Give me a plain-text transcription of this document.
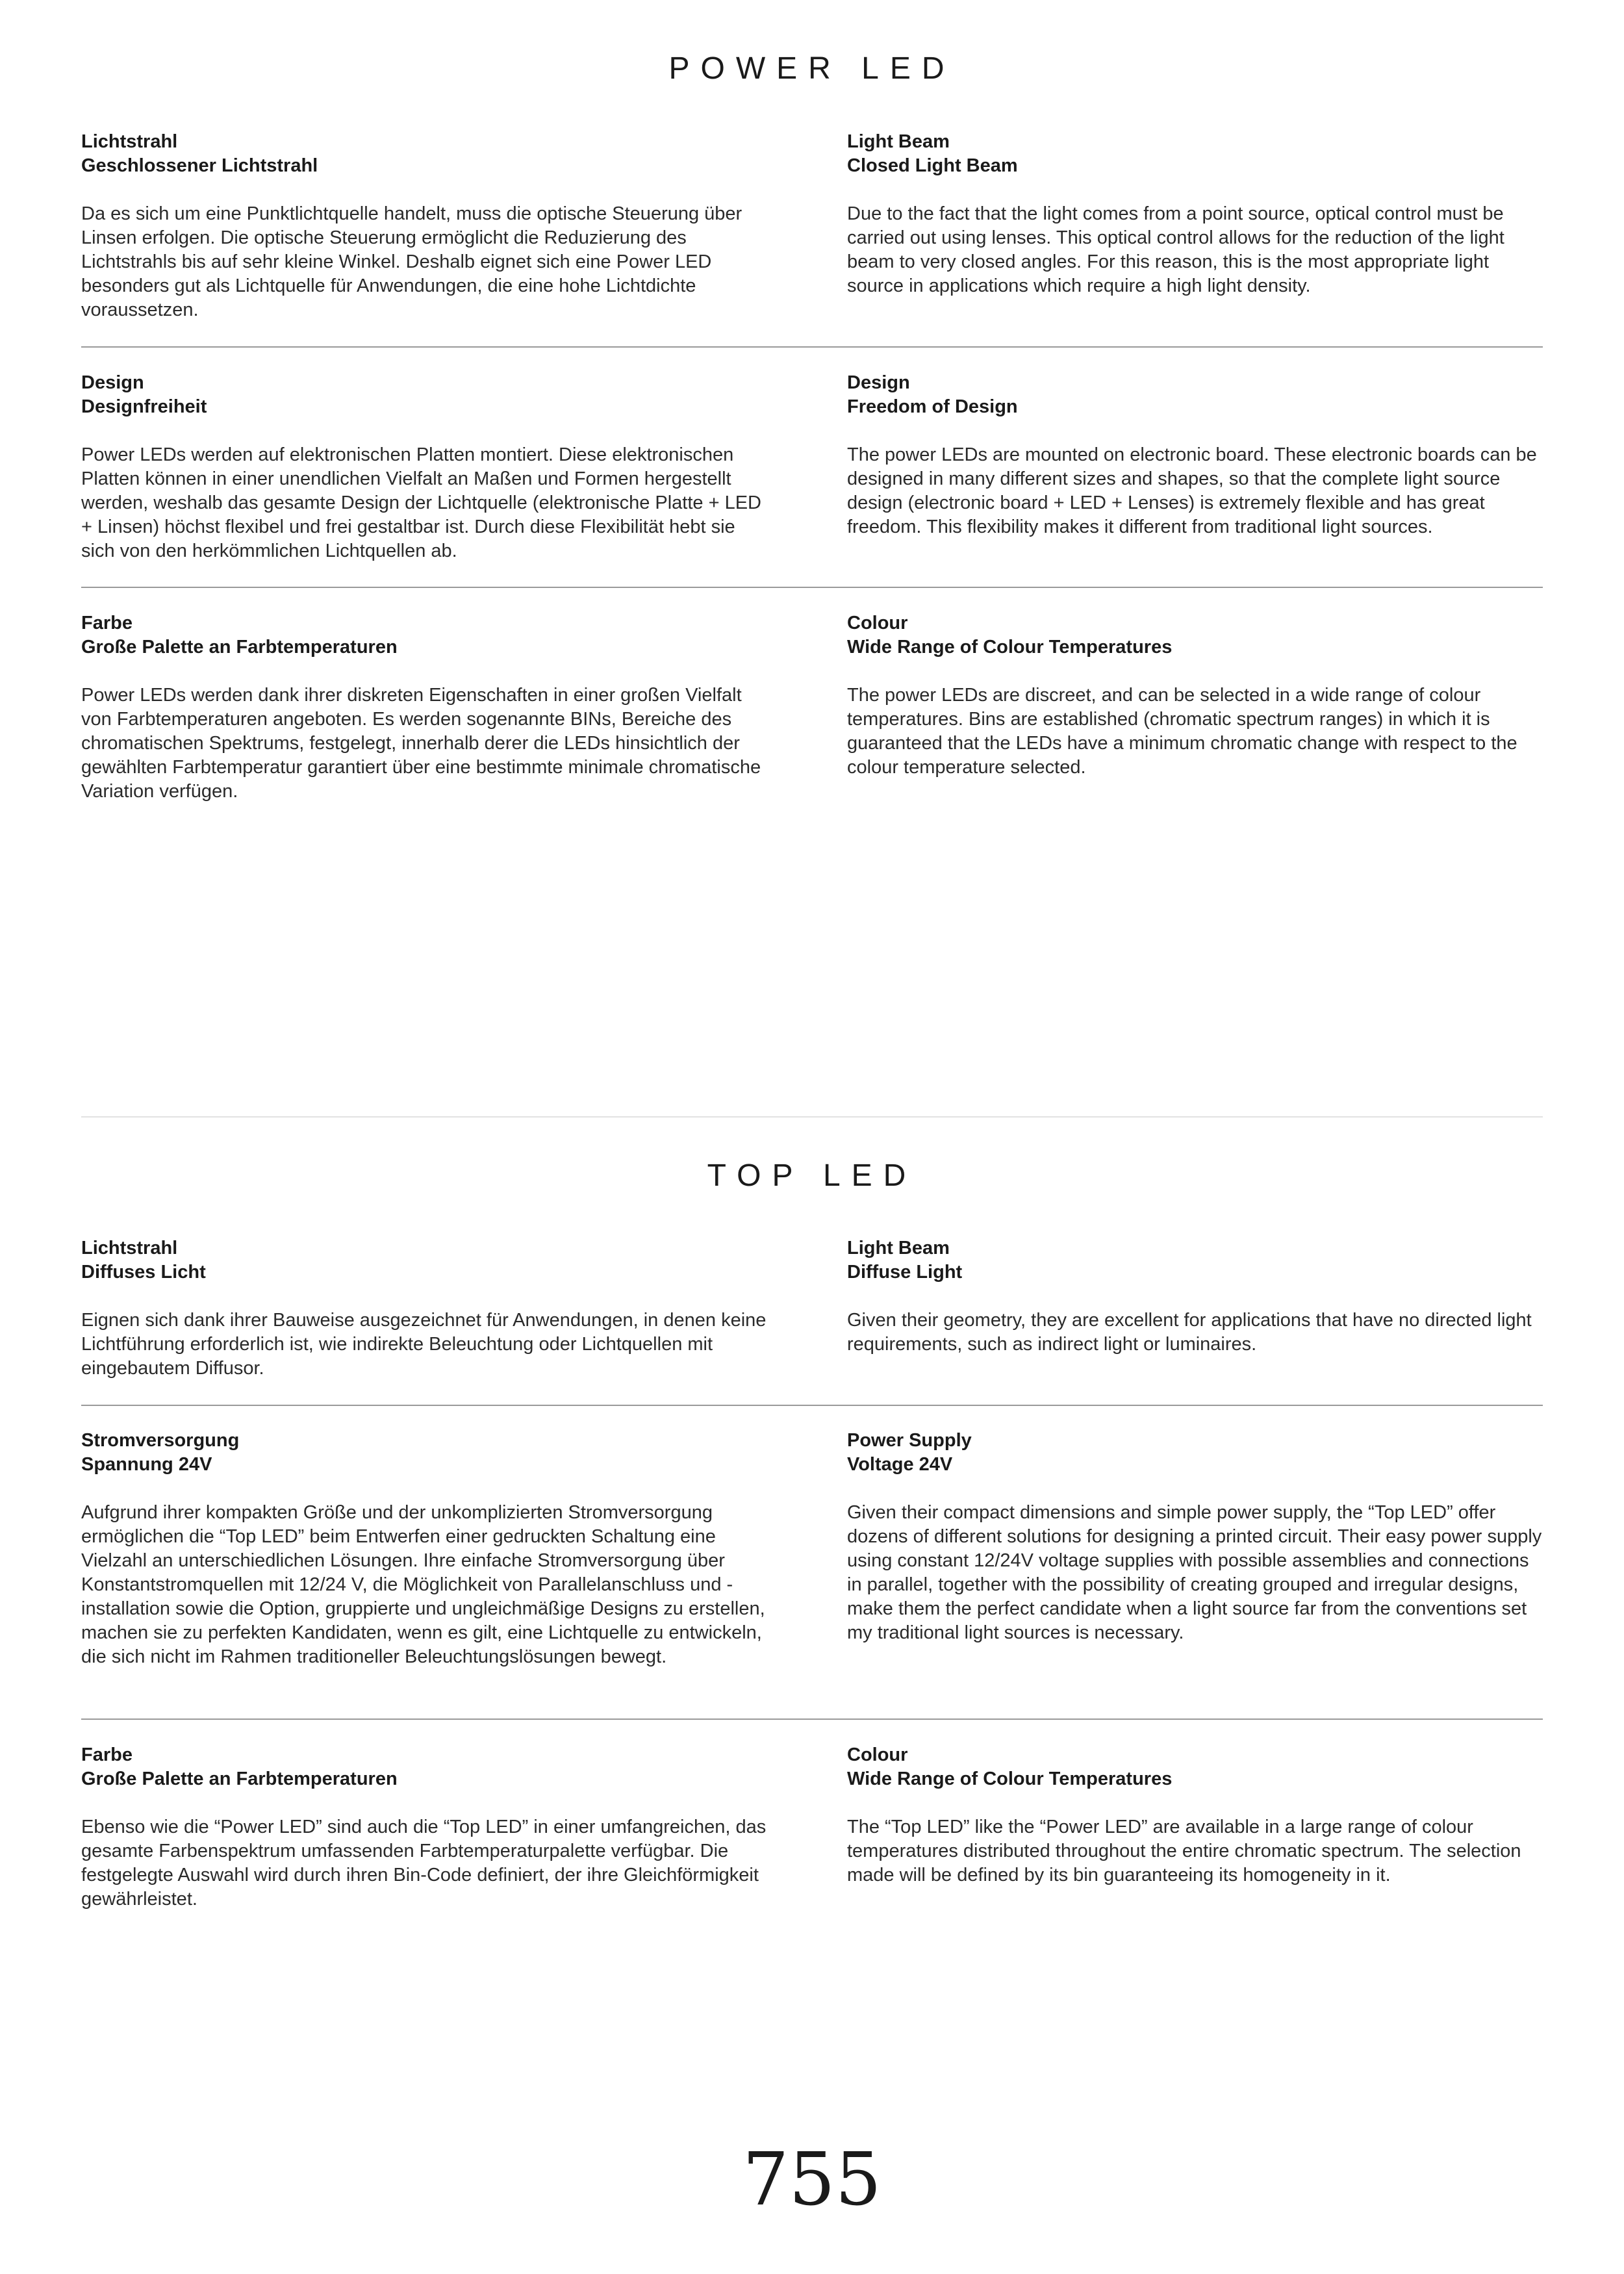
POWER LED

Lichtstrahl

Geschlossener Lichtstrahl

Da es sich um eine Punktlichtquelle handelt, muss die optische Steuerung über Linsen erfolgen. Die optische Steuerung ermöglicht die Reduzierung des Lichtstrahls bis auf sehr kleine Winkel. Deshalb eignet sich eine Power LED besonders gut als Lichtquelle für Anwendungen, die eine hohe Lichtdichte voraussetzen.

Light Beam

Closed Light Beam

Due to the fact that the light comes from a point source, optical control must be carried out using lenses. This optical control allows for the reduction of the light beam to very closed angles. For this reason, this is the most appropriate light source in applications which require a high light density.

Design

Designfreiheit

Power LEDs werden auf elektronischen Platten montiert. Diese elektronischen Platten können in einer unendlichen Vielfalt an Maßen und Formen hergestellt werden, weshalb das gesamte Design der Lichtquelle (elektronische Platte + LED + Linsen) höchst flexibel und frei gestaltbar ist. Durch diese Flexibilität hebt sie sich von den herkömmlichen Lichtquellen ab.

Design

Freedom of Design

The power LEDs are mounted on electronic board. These electronic boards can be designed in many different sizes and shapes, so that the complete light source design (electronic board + LED + Lenses) is extremely flexible and has great freedom. This flexibility makes it different from traditional light sources.

Farbe

Große Palette an Farbtemperaturen

Power LEDs werden dank ihrer diskreten Eigenschaften in einer großen Vielfalt von Farbtemperaturen angeboten. Es werden sogenannte BINs, Bereiche des chromatischen Spektrums, festgelegt, innerhalb derer die LEDs hinsichtlich der gewählten Farbtemperatur garantiert über eine bestimmte minimale chromatische Variation verfügen.

Colour

Wide Range of Colour Temperatures

The power LEDs are discreet, and can be selected in a wide range of colour temperatures. Bins are established (chromatic spectrum ranges) in which it is guaranteed that the LEDs have a minimum chromatic change with respect to the colour temperature selected.

TOP LED

Lichtstrahl

Diffuses Licht

Eignen sich dank ihrer Bauweise ausgezeichnet für Anwendungen, in denen keine Lichtführung erforderlich ist, wie indirekte Beleuchtung oder Lichtquellen mit eingebautem Diffusor.

Light Beam

Diffuse Light

Given their geometry, they are excellent for applications that have no directed light requirements, such as indirect light or luminaires.

Stromversorgung

Spannung 24V

Aufgrund ihrer kompakten Größe und der unkomplizierten Stromversorgung ermöglichen die “Top LED” beim Entwerfen einer gedruckten Schaltung eine Vielzahl an unterschiedlichen Lösungen. Ihre einfache Stromversorgung über Konstantstromquellen mit 12/24 V, die Möglichkeit von Parallelanschluss und -installation sowie die Option, gruppierte und ungleichmäßige Designs zu erstellen, machen sie zu perfekten Kandidaten, wenn es gilt, eine Lichtquelle zu entwickeln, die sich nicht im Rahmen traditioneller Beleuchtungslösungen bewegt.

Power Supply

Voltage 24V

Given their compact dimensions and simple power supply, the “Top LED” offer dozens of different solutions for designing a printed circuit. Their easy power supply using constant 12/24V voltage supplies with possible assemblies and connections in parallel, together with the possibility of creating grouped and irregular designs, make them the perfect candidate when a light source far from the conventions set my traditional light sources is necessary.

Farbe

Große Palette an Farbtemperaturen

Ebenso wie die “Power LED” sind auch die “Top LED” in einer umfangreichen, das gesamte Farbenspektrum umfassenden Farbtemperaturpalette verfügbar. Die festgelegte Auswahl wird durch ihren Bin-Code definiert, der ihre Gleichförmigkeit gewährleistet.

Colour

Wide Range of Colour Temperatures

The “Top LED” like the “Power LED” are available in a large range of colour temperatures distributed throughout the entire chromatic spectrum. The selection made will be defined by its bin guaranteeing its homogeneity in it.

755
